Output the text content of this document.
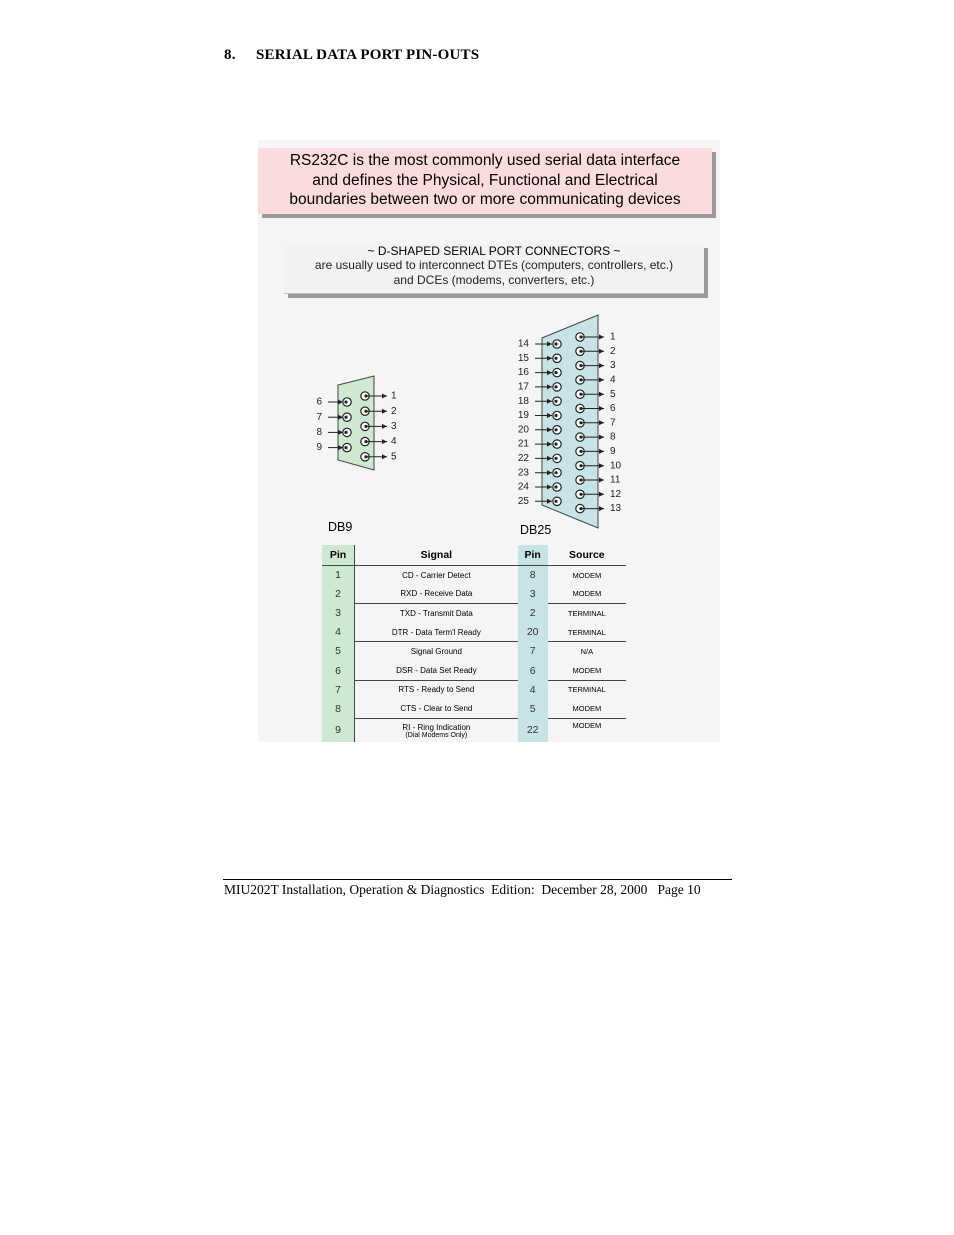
8. SERIAL DATA PORT PIN-OUTS
RS232C is the most commonly used serial data interface
and defines the Physical, Functional and Electrical
boundaries between two or more communicating devices
~ D-SHAPED SERIAL PORT CONNECTORS ~
are usually used to interconnect DTEs (computers, controllers, etc.)
and DCEs (modems, converters, etc.)
1
2
3
4
5
6
7
8
9
1
2
3
4
5
6
7
8
9
10
11
12
13
14
15
16
17
18
19
20
21
22
23
24
25
DB9	DB25
Pin	Signal	Pin	Source
1	CD - Carrier Detect	8	MODEM
2	RXD - Receive Data	3	MODEM
3	TXD - Transmit Data	2	TERMINAL
4	DTR - Data Term'l Ready	20	TERMINAL
5	Signal Ground	7	N/A
6	DSR - Data Set Ready	6	MODEM
7	RTS - Ready to Send	4	TERMINAL
8	CTS - Clear to Send	5	MODEM
9	RI - Ring Indication
(Dial Modems Only)	22	MODEM
MIU202T Installation, Operation & Diagnostics  Edition:  December 28, 2000   Page 10
